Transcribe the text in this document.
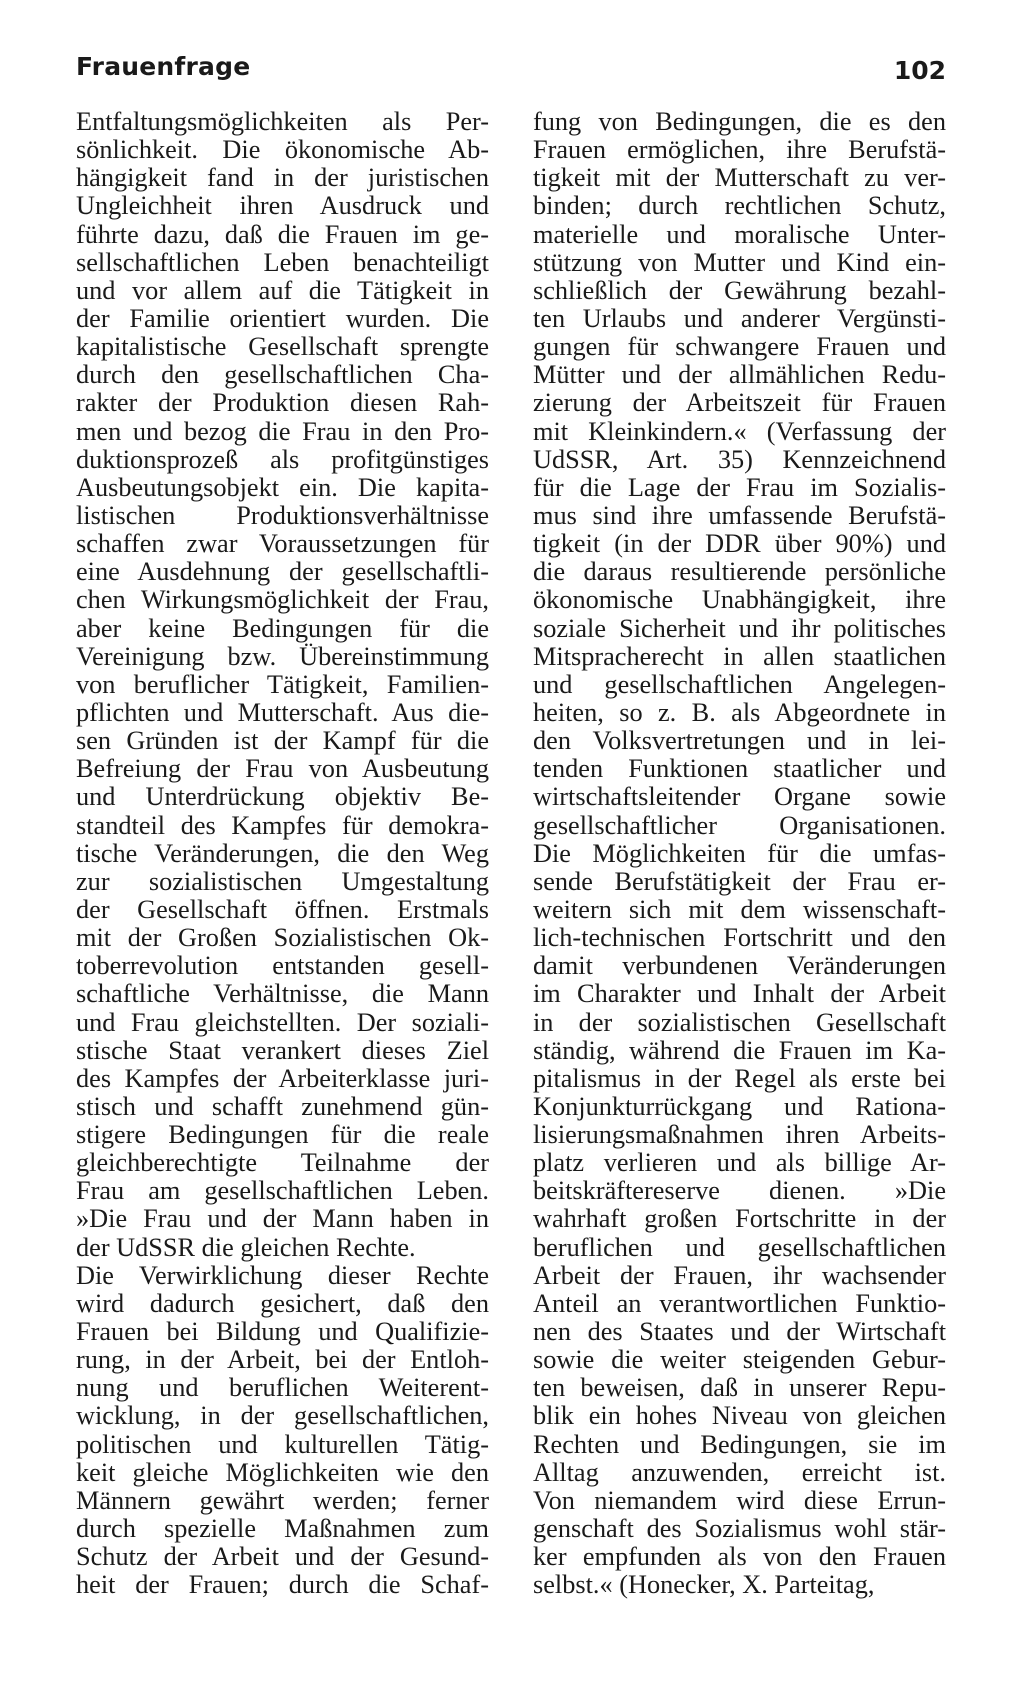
Frauenfrage	102
Entfaltungsmöglichkeiten als Per-
sönlichkeit. Die ökonomische Ab-
hängigkeit fand in der juristischen
Ungleichheit ihren Ausdruck und
führte dazu, daß die Frauen im ge-
sellschaftlichen Leben benachteiligt
und vor allem auf die Tätigkeit in
der Familie orientiert wurden. Die
kapitalistische Gesellschaft sprengte
durch den gesellschaftlichen Cha-
rakter der Produktion diesen Rah-
men und bezog die Frau in den Pro-
duktionsprozeß als profitgünstiges
Ausbeutungsobjekt ein. Die kapita-
listischen Produktionsverhältnisse
schaffen zwar Voraussetzungen für
eine Ausdehnung der gesellschaftli-
chen Wirkungsmöglichkeit der Frau,
aber keine Bedingungen für die
Vereinigung bzw. Übereinstimmung
von beruflicher Tätigkeit, Familien-
pflichten und Mutterschaft. Aus die-
sen Gründen ist der Kampf für die
Befreiung der Frau von Ausbeutung
und Unterdrückung objektiv Be-
standteil des Kampfes für demokra-
tische Veränderungen, die den Weg
zur sozialistischen Umgestaltung
der Gesellschaft öffnen. Erstmals
mit der Großen Sozialistischen Ok-
toberrevolution entstanden gesell-
schaftliche Verhältnisse, die Mann
und Frau gleichstellten. Der soziali-
stische Staat verankert dieses Ziel
des Kampfes der Arbeiterklasse juri-
stisch und schafft zunehmend gün-
stigere Bedingungen für die reale
gleichberechtigte Teilnahme der
Frau am gesellschaftlichen Leben.
»Die Frau und der Mann haben in
der UdSSR die gleichen Rechte.
Die Verwirklichung dieser Rechte
wird dadurch gesichert, daß den
Frauen bei Bildung und Qualifizie-
rung, in der Arbeit, bei der Entloh-
nung und beruflichen Weiterent-
wicklung, in der gesellschaftlichen,
politischen und kulturellen Tätig-
keit gleiche Möglichkeiten wie den
Männern gewährt werden; ferner
durch spezielle Maßnahmen zum
Schutz der Arbeit und der Gesund-
heit der Frauen; durch die Schaf-
fung von Bedingungen, die es den
Frauen ermöglichen, ihre Berufstä-
tigkeit mit der Mutterschaft zu ver-
binden; durch rechtlichen Schutz,
materielle und moralische Unter-
stützung von Mutter und Kind ein-
schließlich der Gewährung bezahl-
ten Urlaubs und anderer Vergünsti-
gungen für schwangere Frauen und
Mütter und der allmählichen Redu-
zierung der Arbeitszeit für Frauen
mit Kleinkindern.« (Verfassung der
UdSSR, Art. 35) Kennzeichnend
für die Lage der Frau im Sozialis-
mus sind ihre umfassende Berufstä-
tigkeit (in der DDR über 90%) und
die daraus resultierende persönliche
ökonomische Unabhängigkeit, ihre
soziale Sicherheit und ihr politisches
Mitspracherecht in allen staatlichen
und gesellschaftlichen Angelegen-
heiten, so z. B. als Abgeordnete in
den Volksvertretungen und in lei-
tenden Funktionen staatlicher und
wirtschaftsleitender Organe sowie
gesellschaftlicher Organisationen.
Die Möglichkeiten für die umfas-
sende Berufstätigkeit der Frau er-
weitern sich mit dem wissenschaft-
lich-technischen Fortschritt und den
damit verbundenen Veränderungen
im Charakter und Inhalt der Arbeit
in der sozialistischen Gesellschaft
ständig, während die Frauen im Ka-
pitalismus in der Regel als erste bei
Konjunkturrückgang und Rationa-
lisierungsmaßnahmen ihren Arbeits-
platz verlieren und als billige Ar-
beitskräftereserve dienen. »Die
wahrhaft großen Fortschritte in der
beruflichen und gesellschaftlichen
Arbeit der Frauen, ihr wachsender
Anteil an verantwortlichen Funktio-
nen des Staates und der Wirtschaft
sowie die weiter steigenden Gebur-
ten beweisen, daß in unserer Repu-
blik ein hohes Niveau von gleichen
Rechten und Bedingungen, sie im
Alltag anzuwenden, erreicht ist.
Von niemandem wird diese Errun-
genschaft des Sozialismus wohl stär-
ker empfunden als von den Frauen
selbst.« (Honecker, X. Parteitag,
